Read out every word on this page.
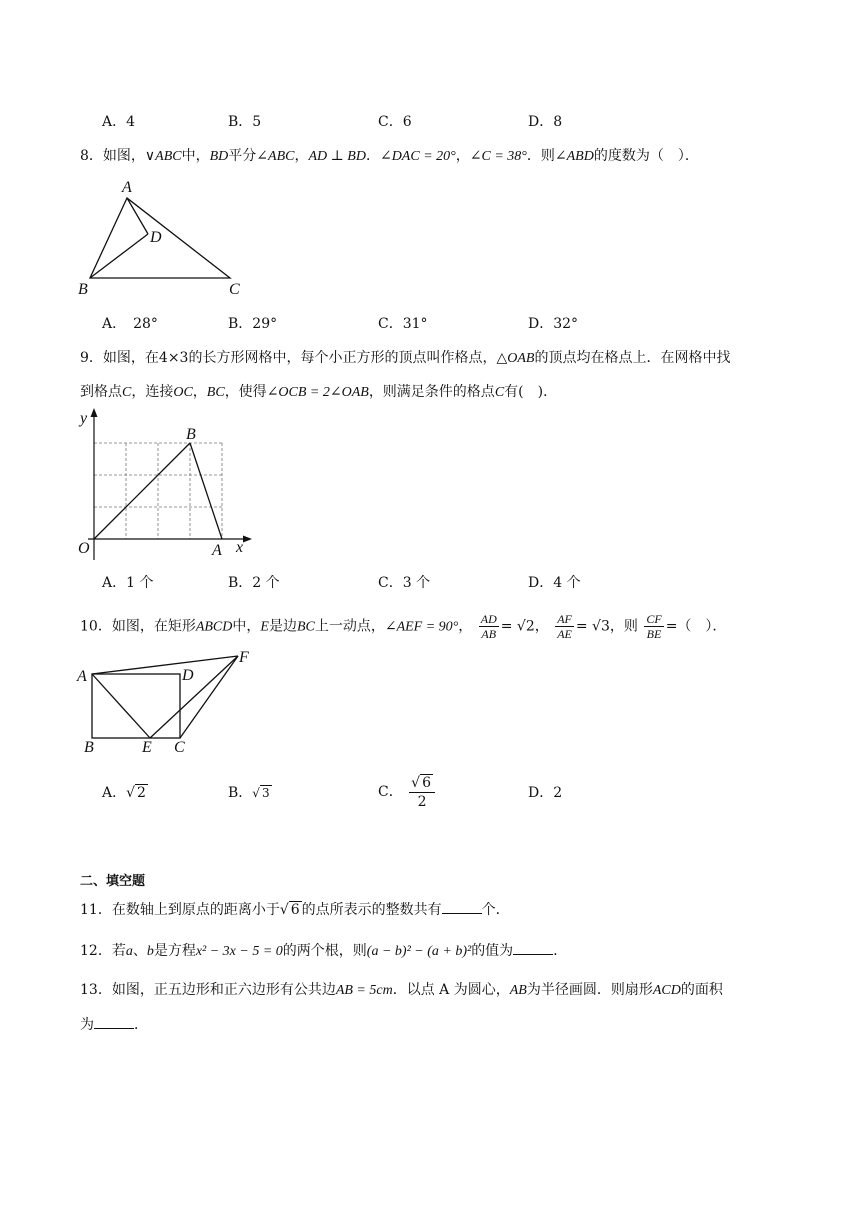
A．4	B．5	C．6	D．8
8．如图，∨ABC中，BD平分∠ABC，AD ⊥ BD．∠DAC = 20°，∠C = 38°．则∠ABD的度数为（　）．
A
D
B	C
A．　28°	B．29°	C．31°	D．32°
9．如图，在4×3的长方形网格中，每个小正方形的顶点叫作格点，△OAB的顶点均在格点上．在网格中找
到格点C，连接OC，BC，使得∠OCB = 2∠OAB，则满足条件的格点C有(　)．
y
x
O	A
B
A．1 个	B．2 个	C．3 个	D．4 个
10．如图，在矩形ABCD中，E是边BC上一动点，∠AEF = 90°， $\frac{AD}{AB} = √2$， $\frac{AF}{AE} = √3$，则 $\frac{CF}{BE}$ =（　）．
A	D
F
B	E C
A．√ 2	B．√ 3	C． $\frac{√ 6}{2}$	D．2
二、填空题
11．在数轴上到原点的距离小于√ 6 的点所表示的整数共有	个．
12．若a、b是方程x² − 3x − 5 = 0的两个根，则(a − b)² − (a + b)²的值为	．
13．如图，正五边形和正六边形有公共边AB = 5cm．以点 A 为圆心，AB为半径画圆．则扇形ACD的面积
为	．
